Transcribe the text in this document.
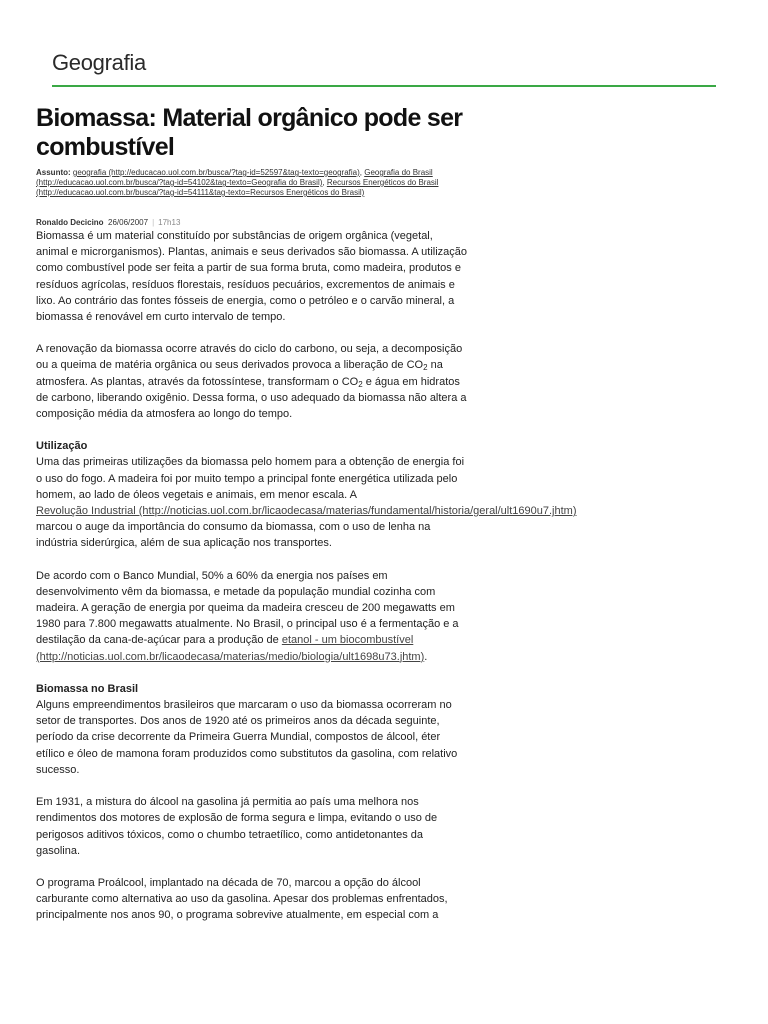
Geografia
Biomassa: Material orgânico pode ser combustível
Assunto: geografia (http://educacao.uol.com.br/busca/?tag-id=52597&tag-texto=geografia), Geografia do Brasil (http://educacao.uol.com.br/busca/?tag-id=54102&tag-texto=Geografia do Brasil), Recursos Energéticos do Brasil (http://educacao.uol.com.br/busca/?tag-id=54111&tag-texto=Recursos Energéticos do Brasil)
Ronaldo Decicino 26/06/2007 | 17h13

Biomassa é um material constituído por substâncias de origem orgânica (vegetal, animal e microrganismos). Plantas, animais e seus derivados são biomassa. A utilização como combustível pode ser feita a partir de sua forma bruta, como madeira, produtos e resíduos agrícolas, resíduos florestais, resíduos pecuários, excrementos de animais e lixo. Ao contrário das fontes fósseis de energia, como o petróleo e o carvão mineral, a biomassa é renovável em curto intervalo de tempo.

A renovação da biomassa ocorre através do ciclo do carbono, ou seja, a decomposição ou a queima de matéria orgânica ou seus derivados provoca a liberação de $CO_2$ na atmosfera. As plantas, através da fotossíntese, transformam o $CO_2$ e água em hidratos de carbono, liberando oxigênio. Dessa forma, o uso adequado da biomassa não altera a composição média da atmosfera ao longo do tempo.

Utilização

Uma das primeiras utilizações da biomassa pelo homem para a obtenção de energia foi o uso do fogo. A madeira foi por muito tempo a principal fonte energética utilizada pelo homem, ao lado de óleos vegetais e animais, em menor escala. A Revolução Industrial (http://noticias.uol.com.br/licaodecasa/materias/fundamental/historia/geral/ult1690u7.jhtm) marcou o auge da importância do consumo da biomassa, com o uso de lenha na indústria siderúrgica, além de sua aplicação nos transportes.

De acordo com o Banco Mundial, 50% a 60% da energia nos países em desenvolvimento vêm da biomassa, e metade da população mundial cozinha com madeira. A geração de energia por queima da madeira cresceu de 200 megawatts em 1980 para 7.800 megawatts atualmente. No Brasil, o principal uso é a fermentação e a destilação da cana-de-açúcar para a produção de etanol - um biocombustível (http://noticias.uol.com.br/licaodecasa/materias/medio/biologia/ult1698u73.jhtm).

Biomassa no Brasil

Alguns empreendimentos brasileiros que marcaram o uso da biomassa ocorreram no setor de transportes. Dos anos de 1920 até os primeiros anos da década seguinte, período da crise decorrente da Primeira Guerra Mundial, compostos de álcool, éter etílico e óleo de mamona foram produzidos como substitutos da gasolina, com relativo sucesso.

Em 1931, a mistura do álcool na gasolina já permitia ao país uma melhora nos rendimentos dos motores de explosão de forma segura e limpa, evitando o uso de perigosos aditivos tóxicos, como o chumbo tetraetílico, como antidetonantes da gasolina.

O programa Proálcool, implantado na década de 70, marcou a opção do álcool carburante como alternativa ao uso da gasolina. Apesar dos problemas enfrentados, principalmente nos anos 90, o programa sobrevive atualmente, em especial com a
